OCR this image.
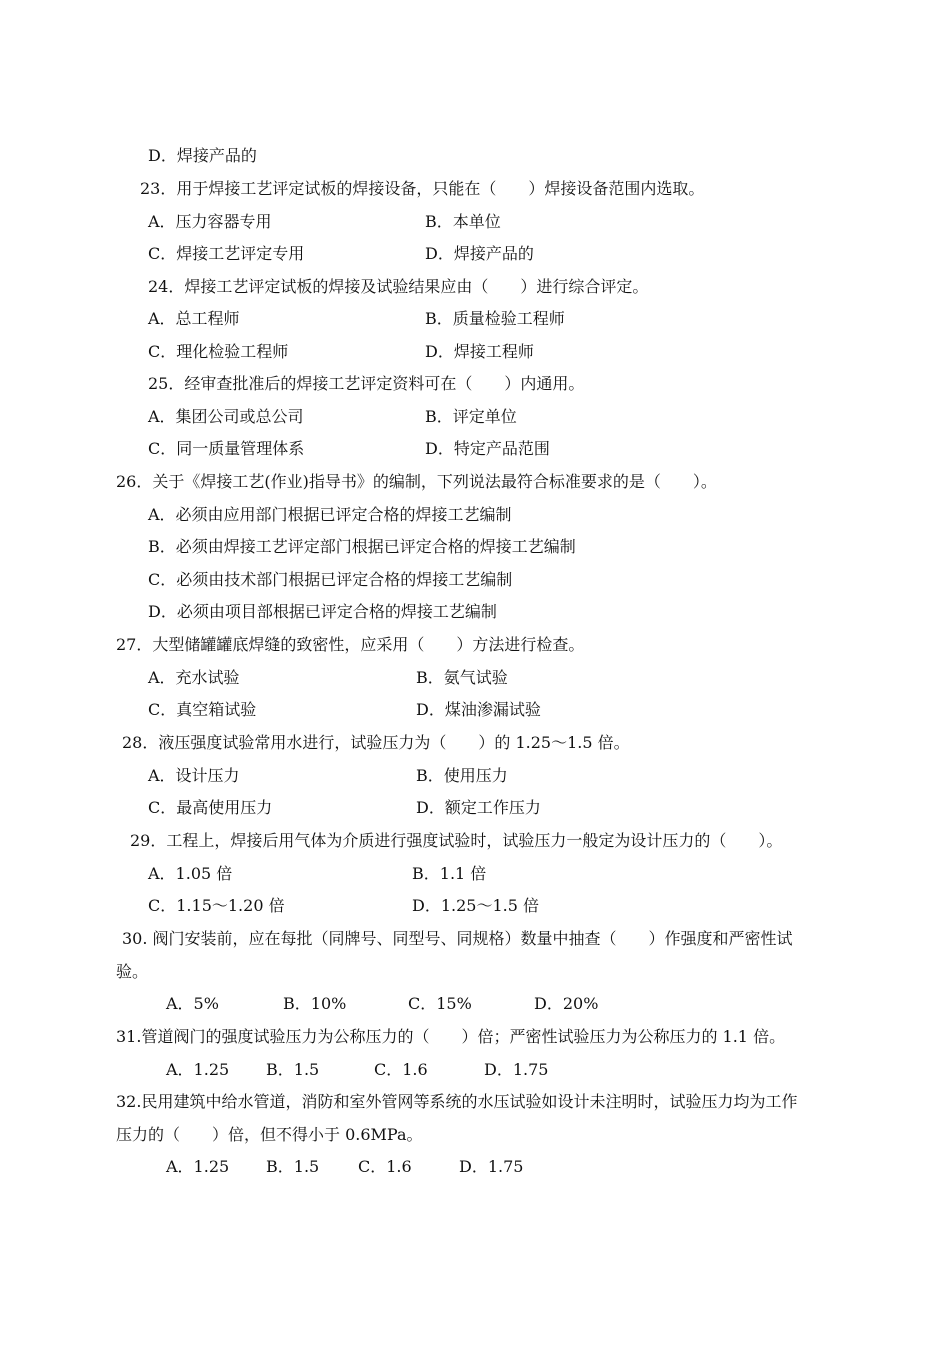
D．焊接产品的
23．用于焊接工艺评定试板的焊接设备，只能在（　　）焊接设备范围内选取。
A．压力容器专用	B．本单位
C．焊接工艺评定专用	D．焊接产品的
24．焊接工艺评定试板的焊接及试验结果应由（　　）进行综合评定。
A．总工程师	B．质量检验工程师
C．理化检验工程师	D．焊接工程师
25．经审查批准后的焊接工艺评定资料可在（　　）内通用。
A．集团公司或总公司	B．评定单位
C．同一质量管理体系	D．特定产品范围
26．关于《焊接工艺(作业)指导书》的编制，下列说法最符合标准要求的是（　　）。
A．必须由应用部门根据已评定合格的焊接工艺编制
B．必须由焊接工艺评定部门根据已评定合格的焊接工艺编制
C．必须由技术部门根据已评定合格的焊接工艺编制
D．必须由项目部根据已评定合格的焊接工艺编制
27．大型储罐罐底焊缝的致密性，应采用（　　）方法进行检查。
A．充水试验	B．氨气试验
C．真空箱试验	D．煤油渗漏试验
28．液压强度试验常用水进行，试验压力为（　　）的 1.25～1.5 倍。
A．设计压力	B．使用压力
C．最高使用压力	D．额定工作压力
29．工程上，焊接后用气体为介质进行强度试验时，试验压力一般定为设计压力的（　　）。
A．1.05 倍	B．1.1 倍
C．1.15～1.20 倍	D．1.25～1.5 倍
30. 阀门安装前，应在每批（同牌号、同型号、同规格）数量中抽查（　　）作强度和严密性试
验。
A．5%	B．10%	C．15%	D．20%
31.管道阀门的强度试验压力为公称压力的（　　）倍；严密性试验压力为公称压力的 1.1 倍。
A．1.25 B．1.5	C．1.6	D．1.75
32.民用建筑中给水管道，消防和室外管网等系统的水压试验如设计未注明时，试验压力均为工作
压力的（　　）倍，但不得小于 0.6MPa。
A．1.25 B．1.5 C．1.6	D．1.75
